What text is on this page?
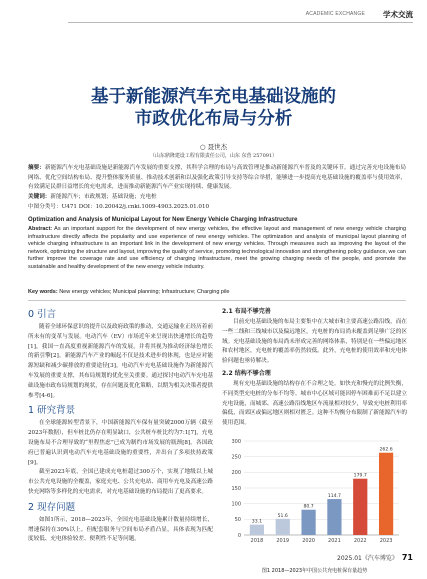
ACADEMIC EXCHANGE 学术交流
基于新能源汽车充电基础设施的
市政优化布局与分析
○ 聂世杰
（山东鼎隆建设工程有限责任公司，山东 东营 257091）
摘要：新能源汽车充电基础设施是新能源汽车发展的重要支撑，其科学合理的布局与高效管理是推动新能源汽车普及的关键环节。通过完善充电设施布局网络、优化空间结构布局、提升整体服务质量、推动技术创新和以及强化政策引导支持等综合举措，能够进一步提高充电基础设施的覆盖率与使用效率，有效满足民群日益增长的充电需求，进而推动新能源汽车产业实现持续、健康发展。
关键词：新能源汽车；市政规划；基础设施；充电桩
中图分类号：U471 DOI：10.20042/j.cnki.1009-4903.2025.01.010
Optimization and Analysis of Municipal Layout for New Energy Vehicle Charging Infrastructure
Abstract: As an important support for the development of new energy vehicles, the effective layout and management of new energy vehicle charging infrastructure directly affects the popularity and use experience of new energy vehicles. The optimization and analysis of municipal layout planning of vehicle charging infrastructure is an important link in the development of new energy vehicles. Through measures such as improving the layout of the network, optimizing the structure and layout, improving the quality of service, promoting technological innovation and strengthening policy guidance, we can further improve the coverage rate and use efficiency of charging infrastructure, meet the growing charging needs of the people, and promote the sustainable and healthy development of the new energy vehicle industry.
Key words: New energy vehicles; Municipal planning; Infrastructure; Charging pile
0 引言

随着全球环保意识的提升以及政府政策的推动，交通运输业正经历着前所未有的变革与发展。电动汽车（EV）市场近年来呈现出快速增长的趋势[1]，我国一直高度重视新能源汽车的发展，并将其视为推动经济绿色增长的新引擎[2]。新能源汽车产业的崛起不仅是技术进步的体现，也是应对能源短缺和减少碳排放的重要途径[3]。电动汽车充电基础设施作为新能源汽车发展的重要支撑，其布局规划的优化至关重要。通过探讨电动汽车充电基础设施市政布局规划的现状，存在问题及优化策略，以期为相关决策者提供参考[4-6]。

1 研究背景

在全球能源转型背景下，中国新能源汽车保有量突破2000万辆（截至2023年数据），但车桩比仍存在明显缺口，公共桩车桩比约为7:1[7]，充电设施布局不合理导致的“里程焦虑”已成为制约市场发展的瓶颈[8]。各国政府已普遍认识到电动汽车充电基础设施的重要性，并出台了多项扶持政策[9]。

截至2023年底，全国已建成充电桩超过300万个，实现了地级以上城市公共充电设施的全覆盖，家庭充电、公共充电站、商用车充电及高速公路快充网络等多样化的充电需求，对充电基础设施的布局提出了更高要求。

2 现存问题

如图1所示，2018—2023年，全国充电基础设施累计数量持续增长，增速保持在30%以上。但配套服务与空间布局矛盾凸显，具体表现为匹配度较低、充电体验较差、便利性不足等问题。

2.1 布局不够完善

目前充电基础设施的布局主要集中在大城市和主要高速公路沿线，而在一些二线和三线城市以及偏远地区，充电桩的布局尚未覆盖到足够广泛的区域。充电基础设施的布局尚未形成完善的网络体系，特别是在一些偏远地区和农村地区，充电桩的覆盖率仍然较低。此外，充电桩的使用效率和充电体验问题也亟待解决。

2.2 结构不够合理

现有充电基础设施的结构存在不合理之处。如快充和慢充的比例失衡，不同类型充电桩的分布不均等。城市中心区域可能因停车困难而不足以建立充电设施，而城郊、高速公路沿线地区车流量相对较少，导致充电桩利用率偏低，而郊区或偏远地区则相对匮乏。这种不均衡分布限制了新能源汽车的使用范围。

300
250
200
150
100
50
0
33.1
2018
51.6
2019
80.7
2020
114.7
2021
179.7
2022
262.6
2023
图1 2018—2023年中国公共充电桩保有量趋势
2025.01《汽车博览》 71
